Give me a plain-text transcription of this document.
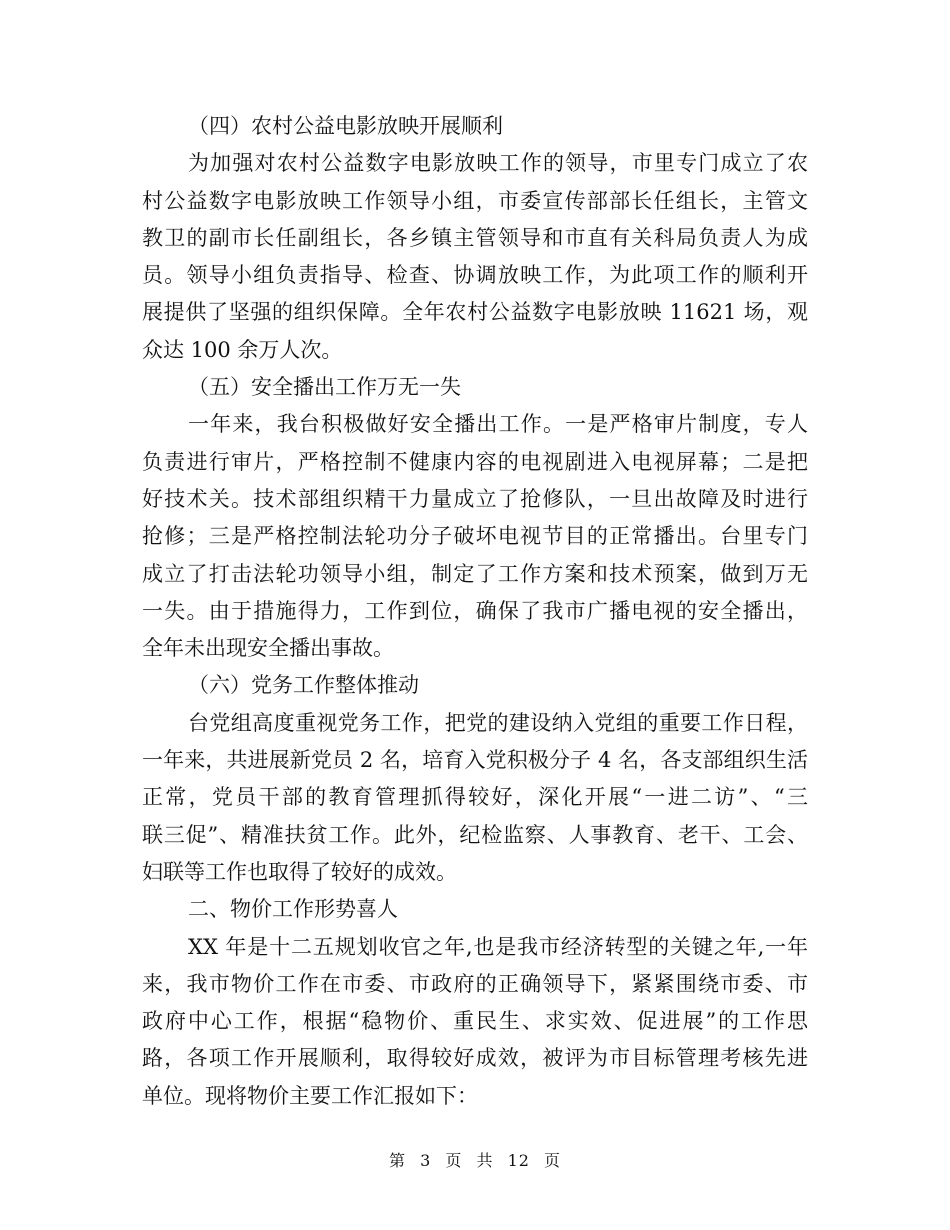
（四）农村公益电影放映开展顺利
为加强对农村公益数字电影放映工作的领导，市里专门成立了农
村公益数字电影放映工作领导小组，市委宣传部部长任组长，主管文
教卫的副市长任副组长，各乡镇主管领导和市直有关科局负责人为成
员。领导小组负责指导、检查、协调放映工作，为此项工作的顺利开
展提供了坚强的组织保障。全年农村公益数字电影放映 11621 场，观
众达 100 余万人次。
（五）安全播出工作万无一失
一年来，我台积极做好安全播出工作。一是严格审片制度，专人
负责进行审片，严格控制不健康内容的电视剧进入电视屏幕；二是把
好技术关。技术部组织精干力量成立了抢修队，一旦出故障及时进行
抢修；三是严格控制法轮功分子破坏电视节目的正常播出。台里专门
成立了打击法轮功领导小组，制定了工作方案和技术预案，做到万无
一失。由于措施得力，工作到位，确保了我市广播电视的安全播出，
全年未出现安全播出事故。
（六）党务工作整体推动
台党组高度重视党务工作，把党的建设纳入党组的重要工作日程，
一年来，共进展新党员 2 名，培育入党积极分子 4 名，各支部组织生活
正常，党员干部的教育管理抓得较好，深化开展“一进二访”、“三
联三促”、精准扶贫工作。此外，纪检监察、人事教育、老干、工会、
妇联等工作也取得了较好的成效。
二、物价工作形势喜人
XX 年是十二五规划收官之年,也是我市经济转型的关键之年,一年
来，我市物价工作在市委、市政府的正确领导下，紧紧围绕市委、市
政府中心工作，根据“稳物价、重民生、求实效、促进展”的工作思
路，各项工作开展顺利，取得较好成效，被评为市目标管理考核先进
单位。现将物价主要工作汇报如下：
第 3 页 共 12 页
